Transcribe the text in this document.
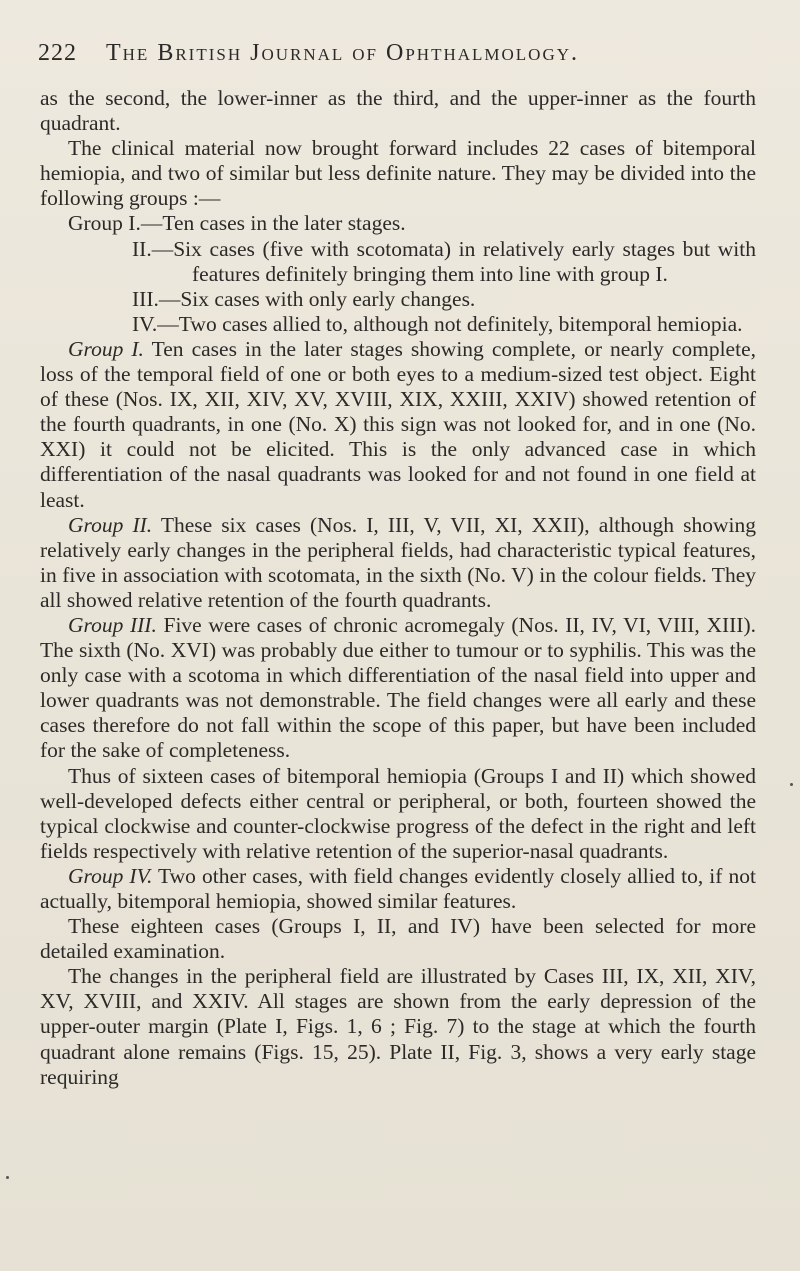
222 The British Journal of Ophthalmology.

as the second, the lower-inner as the third, and the upper-inner as the fourth quadrant.

The clinical material now brought forward includes 22 cases of bitemporal hemiopia, and two of similar but less definite nature. They may be divided into the following groups :—

Group I.—Ten cases in the later stages.

II.—Six cases (five with scotomata) in relatively early stages but with features definitely bringing them into line with group I.

III.—Six cases with only early changes.

IV.—Two cases allied to, although not definitely, bitemporal hemiopia.

Group I. Ten cases in the later stages showing complete, or nearly complete, loss of the temporal field of one or both eyes to a medium-sized test object. Eight of these (Nos. IX, XII, XIV, XV, XVIII, XIX, XXIII, XXIV) showed retention of the fourth quadrants, in one (No. X) this sign was not looked for, and in one (No. XXI) it could not be elicited. This is the only advanced case in which differentiation of the nasal quadrants was looked for and not found in one field at least.

Group II. These six cases (Nos. I, III, V, VII, XI, XXII), although showing relatively early changes in the peripheral fields, had characteristic typical features, in five in association with scotomata, in the sixth (No. V) in the colour fields. They all showed relative retention of the fourth quadrants.

Group III. Five were cases of chronic acromegaly (Nos. II, IV, VI, VIII, XIII). The sixth (No. XVI) was probably due either to tumour or to syphilis. This was the only case with a scotoma in which differentiation of the nasal field into upper and lower quadrants was not demonstrable. The field changes were all early and these cases therefore do not fall within the scope of this paper, but have been included for the sake of completeness.

Thus of sixteen cases of bitemporal hemiopia (Groups I and II) which showed well-developed defects either central or peripheral, or both, fourteen showed the typical clockwise and counter-clockwise progress of the defect in the right and left fields respectively with relative retention of the superior-nasal quadrants.

Group IV. Two other cases, with field changes evidently closely allied to, if not actually, bitemporal hemiopia, showed similar features.

These eighteen cases (Groups I, II, and IV) have been selected for more detailed examination.

The changes in the peripheral field are illustrated by Cases III, IX, XII, XIV, XV, XVIII, and XXIV. All stages are shown from the early depression of the upper-outer margin (Plate I, Figs. 1, 6 ; Fig. 7) to the stage at which the fourth quadrant alone remains (Figs. 15, 25). Plate II, Fig. 3, shows a very early stage requiring
